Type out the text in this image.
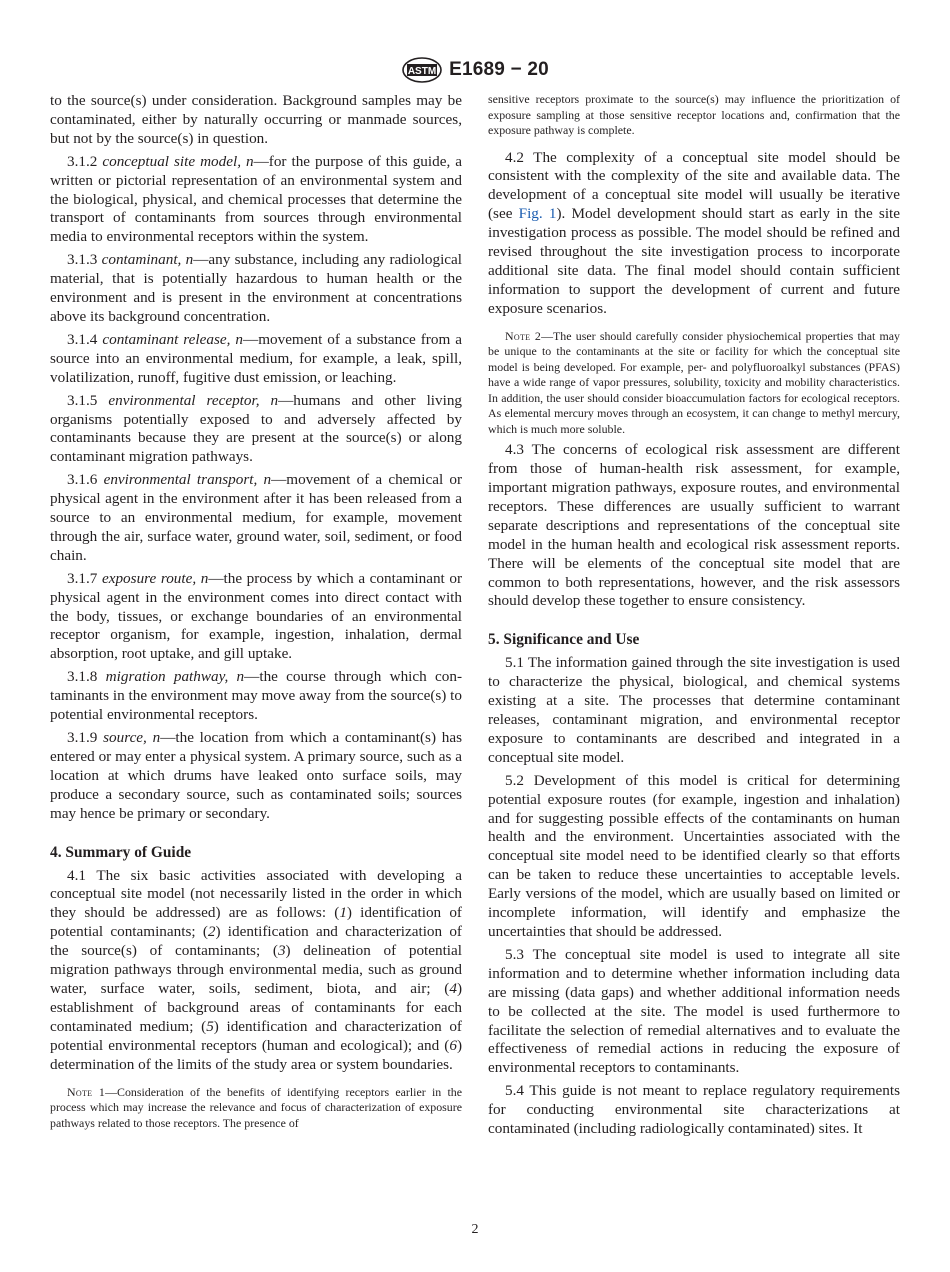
ASTM E1689 − 20

to the source(s) under consideration. Background samples may be contaminated, either by naturally occurring or manmade sources, but not by the source(s) in question.

3.1.2 conceptual site model, n—for the purpose of this guide, a written or pictorial representation of an environmental system and the biological, physical, and chemical processes that determine the transport of contaminants from sources through environmental media to environmental receptors within the system.

3.1.3 contaminant, n—any substance, including any radiological material, that is potentially hazardous to human health or the environment and is present in the environment at concentrations above its background concentration.

3.1.4 contaminant release, n—movement of a substance from a source into an environmental medium, for example, a leak, spill, volatilization, runoff, fugitive dust emission, or leaching.

3.1.5 environmental receptor, n—humans and other living organisms potentially exposed to and adversely affected by contaminants because they are present at the source(s) or along contaminant migration pathways.

3.1.6 environmental transport, n—movement of a chemical or physical agent in the environment after it has been released from a source to an environmental medium, for example, movement through the air, surface water, ground water, soil, sediment, or food chain.

3.1.7 exposure route, n—the process by which a contaminant or physical agent in the environment comes into direct contact with the body, tissues, or exchange boundaries of an environmental receptor organism, for example, ingestion, inhalation, dermal absorption, root uptake, and gill uptake.

3.1.8 migration pathway, n—the course through which contaminants in the environment may move away from the source(s) to potential environmental receptors.

3.1.9 source, n—the location from which a contaminant(s) has entered or may enter a physical system. A primary source, such as a location at which drums have leaked onto surface soils, may produce a secondary source, such as contaminated soils; sources may hence be primary or secondary.

4. Summary of Guide

4.1 The six basic activities associated with developing a conceptual site model (not necessarily listed in the order in which they should be addressed) are as follows: (1) identification of potential contaminants; (2) identification and characterization of the source(s) of contaminants; (3) delineation of potential migration pathways through environmental media, such as ground water, surface water, soils, sediment, biota, and air; (4) establishment of background areas of contaminants for each contaminated medium; (5) identification and characterization of potential environmental receptors (human and ecological); and (6) determination of the limits of the study area or system boundaries.

Note 1—Consideration of the benefits of identifying receptors earlier in the process which may increase the relevance and focus of characterization of exposure pathways related to those receptors. The presence of

sensitive receptors proximate to the source(s) may influence the prioritization of exposure sampling at those sensitive receptor locations and, confirmation that the exposure pathway is complete.

4.2 The complexity of a conceptual site model should be consistent with the complexity of the site and available data. The development of a conceptual site model will usually be iterative (see Fig. 1). Model development should start as early in the site investigation process as possible. The model should be refined and revised throughout the site investigation process to incorporate additional site data. The final model should contain sufficient information to support the development of current and future exposure scenarios.

Note 2—The user should carefully consider physiochemical properties that may be unique to the contaminants at the site or facility for which the conceptual site model is being developed. For example, per- and polyfluoroalkyl substances (PFAS) have a wide range of vapor pressures, solubility, toxicity and mobility characteristics. In addition, the user should consider bioaccumulation factors for ecological receptors. As elemental mercury moves through an ecosystem, it can change to methyl mercury, which is much more soluble.

4.3 The concerns of ecological risk assessment are different from those of human-health risk assessment, for example, important migration pathways, exposure routes, and environmental receptors. These differences are usually sufficient to warrant separate descriptions and representations of the conceptual site model in the human health and ecological risk assessment reports. There will be elements of the conceptual site model that are common to both representations, however, and the risk assessors should develop these together to ensure consistency.

5. Significance and Use

5.1 The information gained through the site investigation is used to characterize the physical, biological, and chemical systems existing at a site. The processes that determine contaminant releases, contaminant migration, and environmental receptor exposure to contaminants are described and integrated in a conceptual site model.

5.2 Development of this model is critical for determining potential exposure routes (for example, ingestion and inhalation) and for suggesting possible effects of the contaminants on human health and the environment. Uncertainties associated with the conceptual site model need to be identified clearly so that efforts can be taken to reduce these uncertainties to acceptable levels. Early versions of the model, which are usually based on limited or incomplete information, will identify and emphasize the uncertainties that should be addressed.

5.3 The conceptual site model is used to integrate all site information and to determine whether information including data are missing (data gaps) and whether additional information needs to be collected at the site. The model is used furthermore to facilitate the selection of remedial alternatives and to evaluate the effectiveness of remedial actions in reducing the exposure of environmental receptors to contaminants.

5.4 This guide is not meant to replace regulatory requirements for conducting environmental site characterizations at contaminated (including radiologically contaminated) sites. It

2
